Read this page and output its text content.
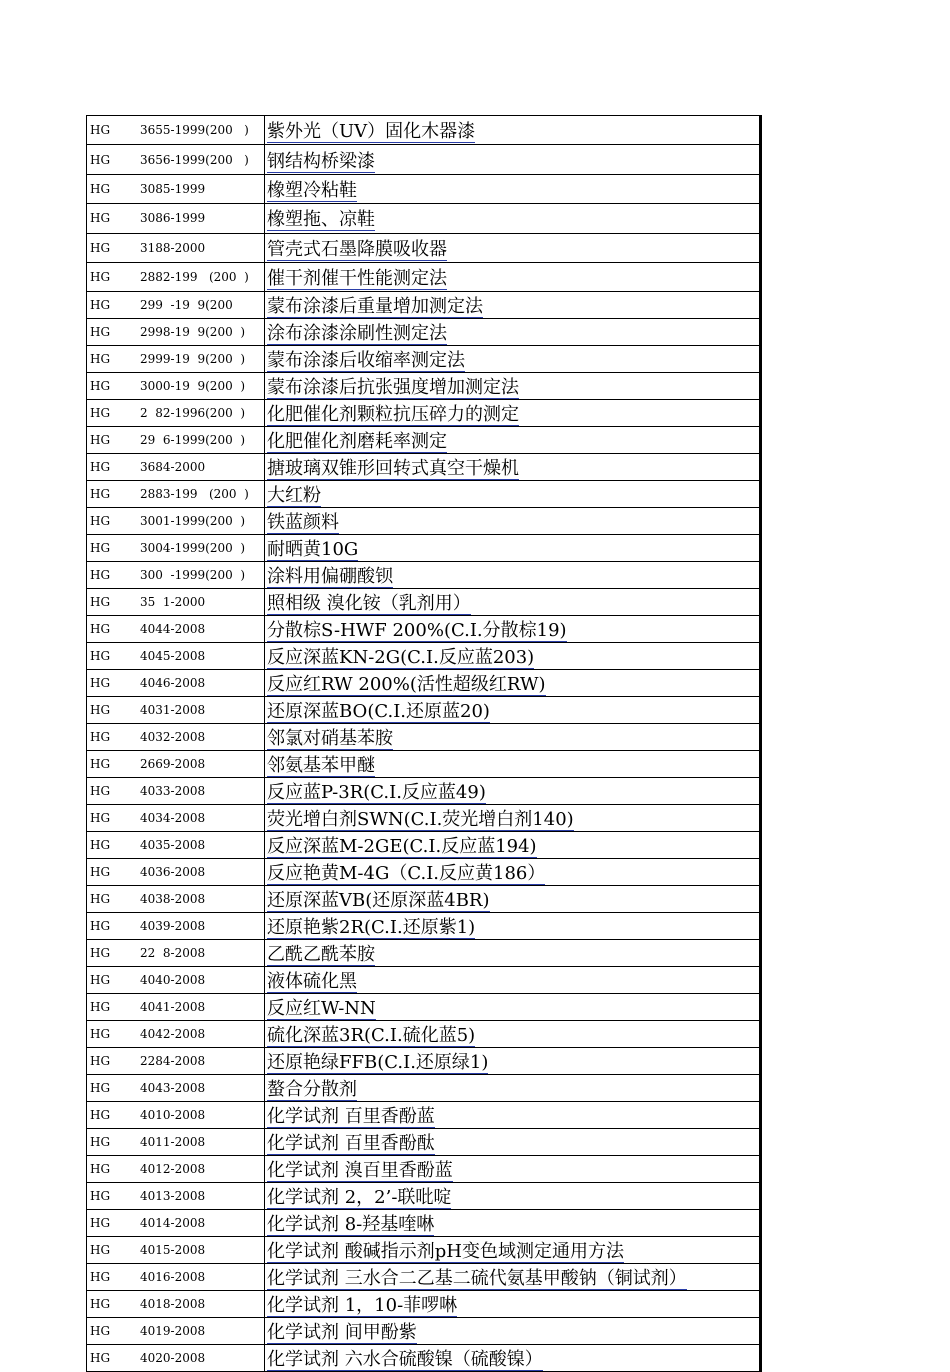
HG 3655-1999(200   )	紫外光（UV）固化木器漆
HG 3656-1999(200   )	钢结构桥梁漆
HG 3085-1999	橡塑冷粘鞋
HG 3086-1999	橡塑拖、凉鞋
HG 3188-2000	管壳式石墨降膜吸收器
HG 2882-199   (200  )	催干剂催干性能测定法
HG 299  -19  9(200	蒙布涂漆后重量增加测定法
HG 2998-19  9(200  )	涂布涂漆涂刷性测定法
HG 2999-19  9(200  )	蒙布涂漆后收缩率测定法
HG 3000-19  9(200  )	蒙布涂漆后抗张强度增加测定法
HG 2  82-1996(200  )	化肥催化剂颗粒抗压碎力的测定
HG 29  6-1999(200  )	化肥催化剂磨耗率测定
HG 3684-2000	搪玻璃双锥形回转式真空干燥机
HG 2883-199   (200  )	大红粉
HG 3001-1999(200  )	铁蓝颜料
HG 3004-1999(200  )	耐晒黄10G
HG 300  -1999(200  )	涂料用偏硼酸钡
HG 35  1-2000	照相级 溴化铵（乳剂用）
HG 4044-2008	分散棕S-HWF 200%(C.I.分散棕19)
HG 4045-2008	反应深蓝KN-2G(C.I.反应蓝203)
HG 4046-2008	反应红RW 200%(活性超级红RW)
HG 4031-2008	还原深蓝BO(C.I.还原蓝20)
HG 4032-2008	邻氯对硝基苯胺
HG 2669-2008	邻氨基苯甲醚
HG 4033-2008	反应蓝P-3R(C.I.反应蓝49)
HG 4034-2008	荧光增白剂SWN(C.I.荧光增白剂140)
HG 4035-2008	反应深蓝M-2GE(C.I.反应蓝194)
HG 4036-2008	反应艳黄M-4G（C.I.反应黄186）
HG 4038-2008	还原深蓝VB(还原深蓝4BR)
HG 4039-2008	还原艳紫2R(C.I.还原紫1)
HG 22  8-2008	乙酰乙酰苯胺
HG 4040-2008	液体硫化黑
HG 4041-2008	反应红W-NN
HG 4042-2008	硫化深蓝3R(C.I.硫化蓝5)
HG 2284-2008	还原艳绿FFB(C.I.还原绿1)
HG 4043-2008	螯合分散剂
HG 4010-2008	化学试剂 百里香酚蓝
HG 4011-2008	化学试剂 百里香酚酞
HG 4012-2008	化学试剂 溴百里香酚蓝
HG 4013-2008	化学试剂 2，2’-联吡啶
HG 4014-2008	化学试剂 8-羟基喹啉
HG 4015-2008	化学试剂 酸碱指示剂pH变色域测定通用方法
HG 4016-2008	化学试剂 三水合二乙基二硫代氨基甲酸钠（铜试剂）
HG 4018-2008	化学试剂 1，10-菲啰啉
HG 4019-2008	化学试剂 间甲酚紫
HG 4020-2008	化学试剂 六水合硫酸镍（硫酸镍）
